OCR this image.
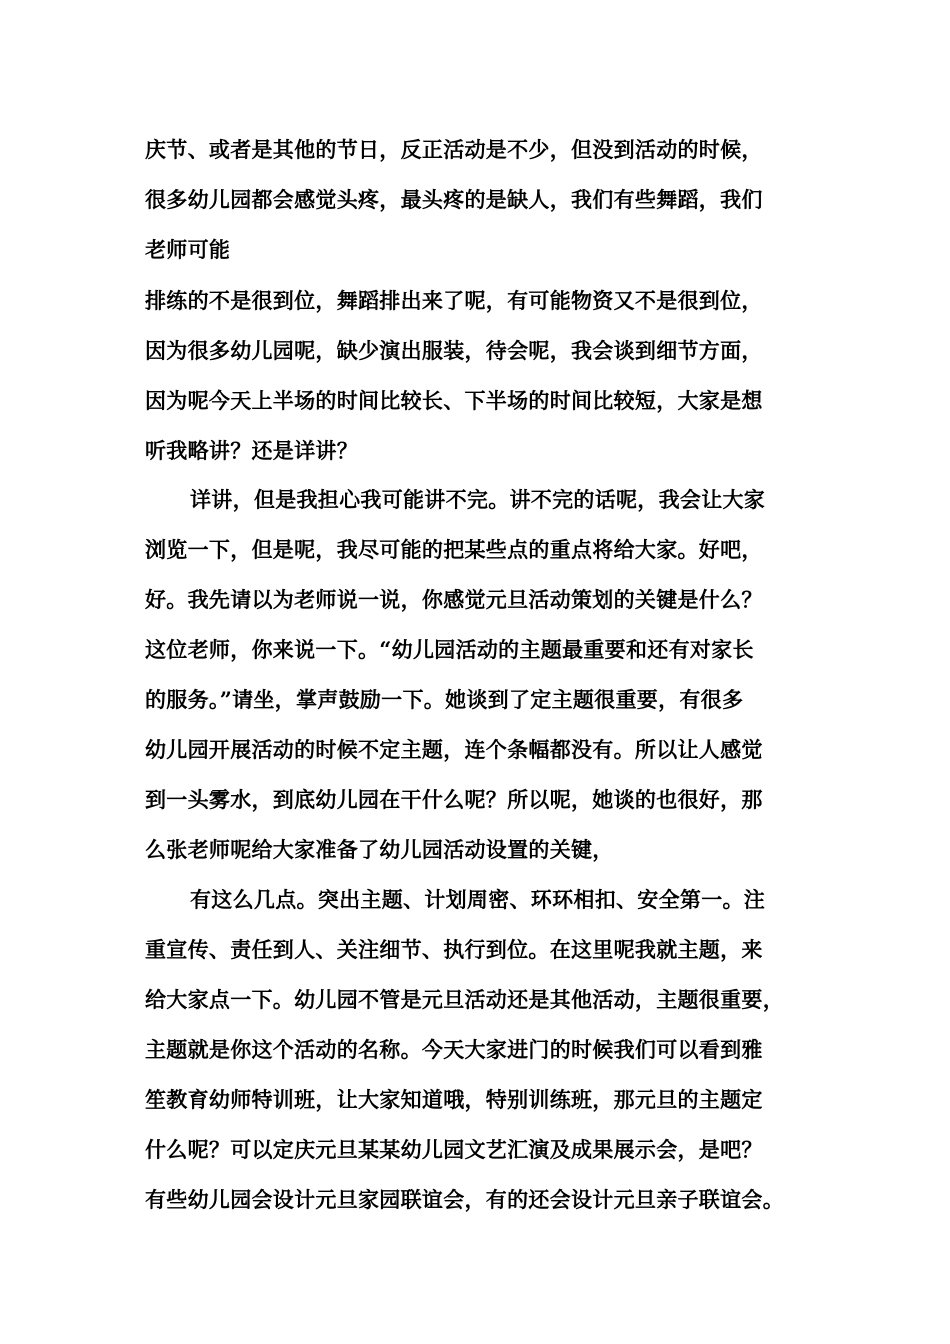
庆节、或者是其他的节日，反正活动是不少，但没到活动的时候，
很多幼儿园都会感觉头疼，最头疼的是缺人，我们有些舞蹈，我们
老师可能
排练的不是很到位，舞蹈排出来了呢，有可能物资又不是很到位，
因为很多幼儿园呢，缺少演出服装，待会呢，我会谈到细节方面，
因为呢今天上半场的时间比较长、下半场的时间比较短，大家是想
听我略讲？还是详讲？
详讲，但是我担心我可能讲不完。讲不完的话呢，我会让大家
浏览一下，但是呢，我尽可能的把某些点的重点将给大家。好吧，
好。我先请以为老师说一说，你感觉元旦活动策划的关键是什么？
这位老师，你来说一下。“幼儿园活动的主题最重要和还有对家长
的服务。”请坐，掌声鼓励一下。她谈到了定主题很重要，有很多
幼儿园开展活动的时候不定主题，连个条幅都没有。所以让人感觉
到一头雾水，到底幼儿园在干什么呢？所以呢，她谈的也很好，那
么张老师呢给大家准备了幼儿园活动设置的关键，
有这么几点。突出主题、计划周密、环环相扣、安全第一。注
重宣传、责任到人、关注细节、执行到位。在这里呢我就主题，来
给大家点一下。幼儿园不管是元旦活动还是其他活动，主题很重要，
主题就是你这个活动的名称。今天大家进门的时候我们可以看到雅
笙教育幼师特训班，让大家知道哦，特别训练班，那元旦的主题定
什么呢？可以定庆元旦某某幼儿园文艺汇演及成果展示会，是吧？
有些幼儿园会设计元旦家园联谊会，有的还会设计元旦亲子联谊会。
